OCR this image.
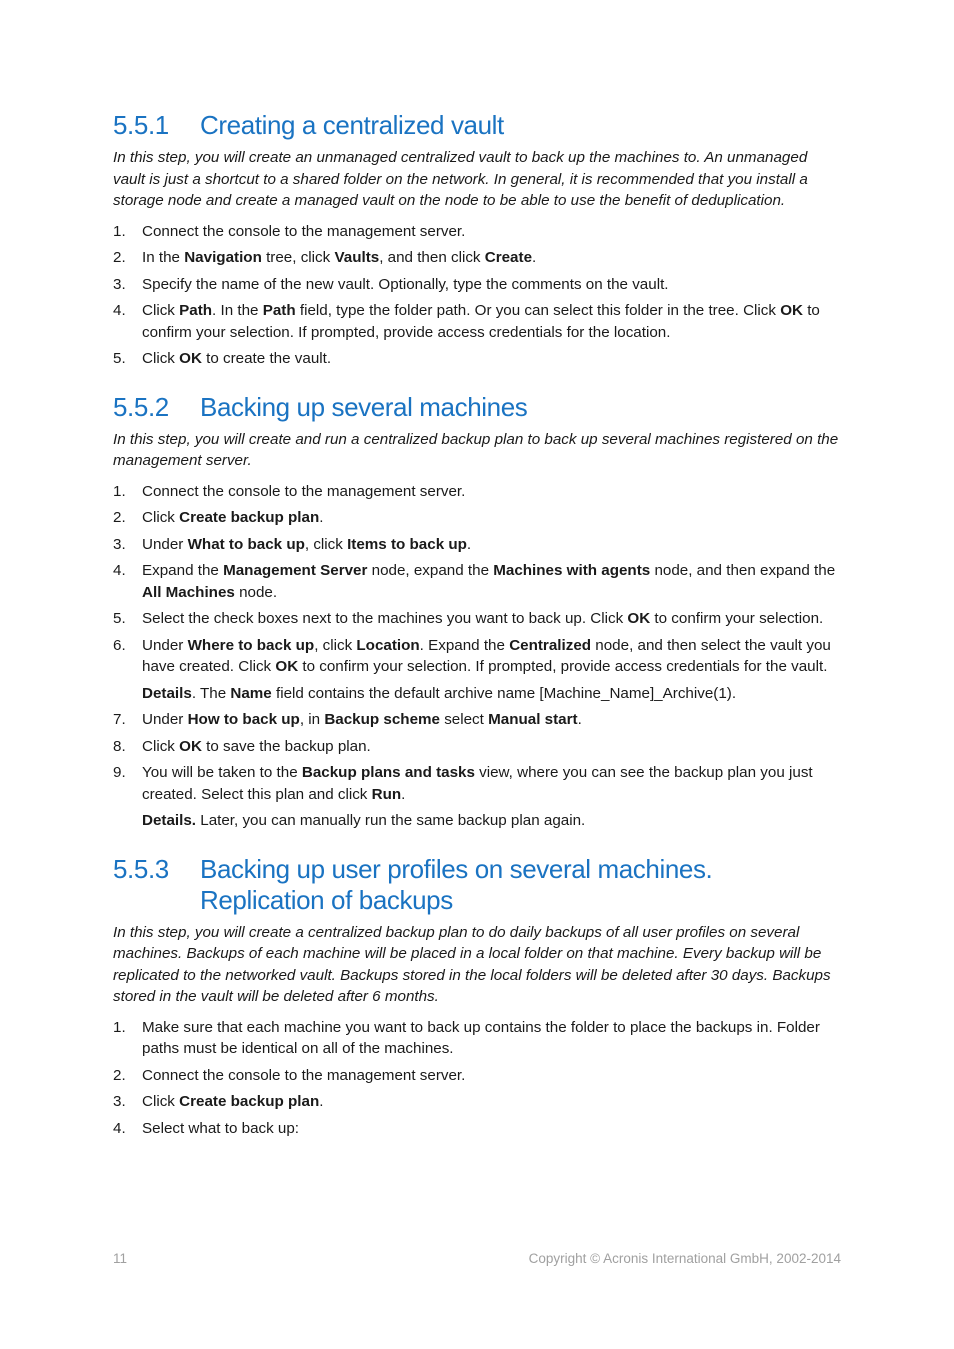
5.5.1	Creating a centralized vault

In this step, you will create an unmanaged centralized vault to back up the machines to. An unmanaged vault is just a shortcut to a shared folder on the network. In general, it is recommended that you install a storage node and create a managed vault on the node to be able to use the benefit of deduplication.

1.	Connect the console to the management server.
2.	In the Navigation tree, click Vaults, and then click Create.
3.	Specify the name of the new vault. Optionally, type the comments on the vault.
4.	Click Path. In the Path field, type the folder path. Or you can select this folder in the tree. Click OK to confirm your selection. If prompted, provide access credentials for the location.
5.	Click OK to create the vault.
5.5.2	Backing up several machines

In this step, you will create and run a centralized backup plan to back up several machines registered on the management server.

1.	Connect the console to the management server.
2.	Click Create backup plan.
3.	Under What to back up, click Items to back up.
4.	Expand the Management Server node, expand the Machines with agents node, and then expand the All Machines node.
5.	Select the check boxes next to the machines you want to back up. Click OK to confirm your selection.
6.	Under Where to back up, click Location. Expand the Centralized node, and then select the vault you have created. Click OK to confirm your selection. If prompted, provide access credentials for the vault.
Details. The Name field contains the default archive name [Machine_Name]_Archive(1).
7.	Under How to back up, in Backup scheme select Manual start.
8.	Click OK to save the backup plan.
9.	You will be taken to the Backup plans and tasks view, where you can see the backup plan you just created. Select this plan and click Run.
Details. Later, you can manually run the same backup plan again.
5.5.3	Backing up user profiles on several machines. Replication of backups

In this step, you will create a centralized backup plan to do daily backups of all user profiles on several machines. Backups of each machine will be placed in a local folder on that machine. Every backup will be replicated to the networked vault. Backups stored in the local folders will be deleted after 30 days. Backups stored in the vault will be deleted after 6 months.

1.	Make sure that each machine you want to back up contains the folder to place the backups in. Folder paths must be identical on all of the machines.
2.	Connect the console to the management server.
3.	Click Create backup plan.
4.	Select what to back up:
11	Copyright © Acronis International GmbH, 2002-2014
